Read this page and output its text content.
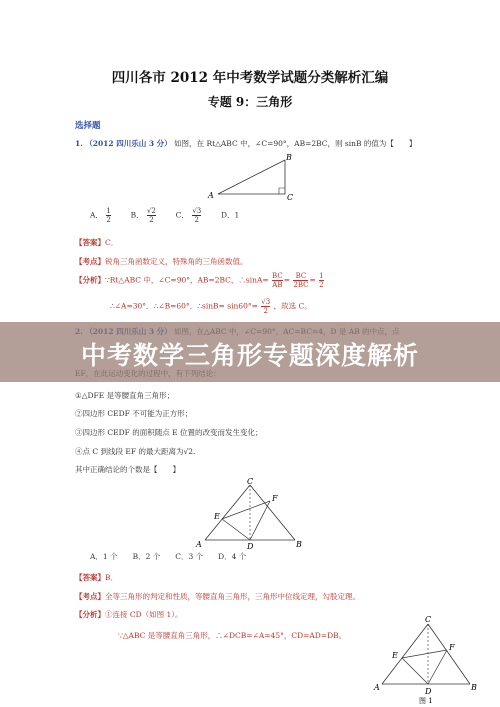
四川各市 2012 年中考数学试题分类解析汇编
专题 9：三角形
选择题
1. （2012 四川乐山 3 分） 如图，在 Rt△ABC 中，∠C=90°，AB=2BC，则 sinB 的值为【　　】
A
B
C
A． $\frac{1}{2}$	B． $\frac{√2}{2}$	C． $\frac{√3}{2}$	D．1
【答案】C．
【考点】锐角三角函数定义，特殊角的三角函数值。
【分析】∵Rt△ABC 中，∠C=90°，AB=2BC，∴sinA= $\frac{BC}{AB} = \frac{BC}{2BC} = \frac{1}{2}$
∴∠A=30°．∴∠B=60°．∴sinB= $\sin 60^\circ= \frac{√3}{2}$ ，故选 C。
中考数学三角形专题深度解析
①△DFE 是等腰直角三角形；
②四边形 CEDF 不可能为正方形；
③四边形 CEDF 的面积随点 E 位置的改变而发生变化；
④点 C 到线段 EF 的最大距离为√2.
其中正确结论的个数是【　　】
C
F
E
A	D	B
A．1 个　　B．2 个　　C．3 个　　D．4 个
【答案】B．
【考点】全等三角形的判定和性质，等腰直角三角形，三角形中位线定理，勾股定理。
【分析】①连接 CD（如图 1）。
∵△ABC 是等腰直角三角形，∴∠DCB=∠A=45°，CD=AD=DB。
C
F
E
A	D	B
图 1
